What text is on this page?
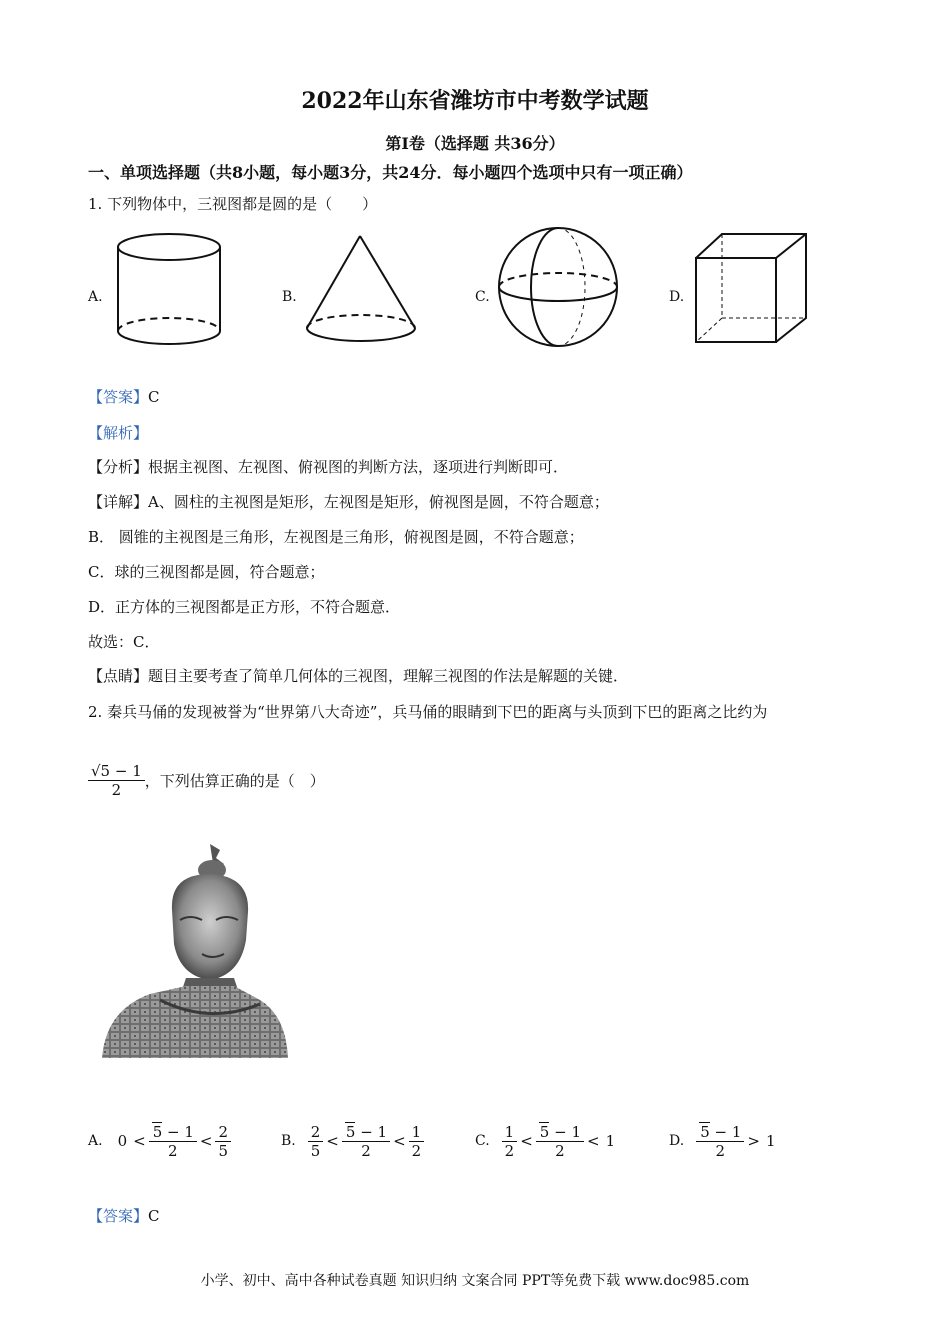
2022年山东省潍坊市中考数学试题
第Ⅰ卷（选择题 共36分）
一、单项选择题（共8小题，每小题3分，共24分．每小题四个选项中只有一项正确）
1. 下列物体中，三视图都是圆的是（　　）
A.	B.	C.	D.
【答案】C
【解析】
【分析】根据主视图、左视图、俯视图的判断方法，逐项进行判断即可．
【详解】A、圆柱的主视图是矩形，左视图是矩形，俯视图是圆，不符合题意；
B． 圆锥的主视图是三角形，左视图是三角形，俯视图是圆，不符合题意；
C．球的三视图都是圆，符合题意；
D．正方体的三视图都是正方形，不符合题意．
故选：C．
【点睛】题目主要考查了简单几何体的三视图，理解三视图的作法是解题的关键．
2. 秦兵马俑的发现被誉为“世界第八大奇迹”，兵马俑的眼睛到下巴的距离与头顶到下巴的距离之比约为
$\frac{√5 - 1}{2}$ ，下列估算正确的是（　）
A. $0 < \frac{5 - 1}{2} < \frac{2}{5}$	B. $\frac{2}{5} < \frac{5 - 1}{2} < \frac{1}{2}$	C. $\frac{1}{2} < \frac{5 - 1}{2} < 1$	D. $\frac{5 - 1}{2} > 1$
【答案】C
小学、初中、高中各种试卷真题 知识归纳 文案合同 PPT等免费下载 www.doc985.com
